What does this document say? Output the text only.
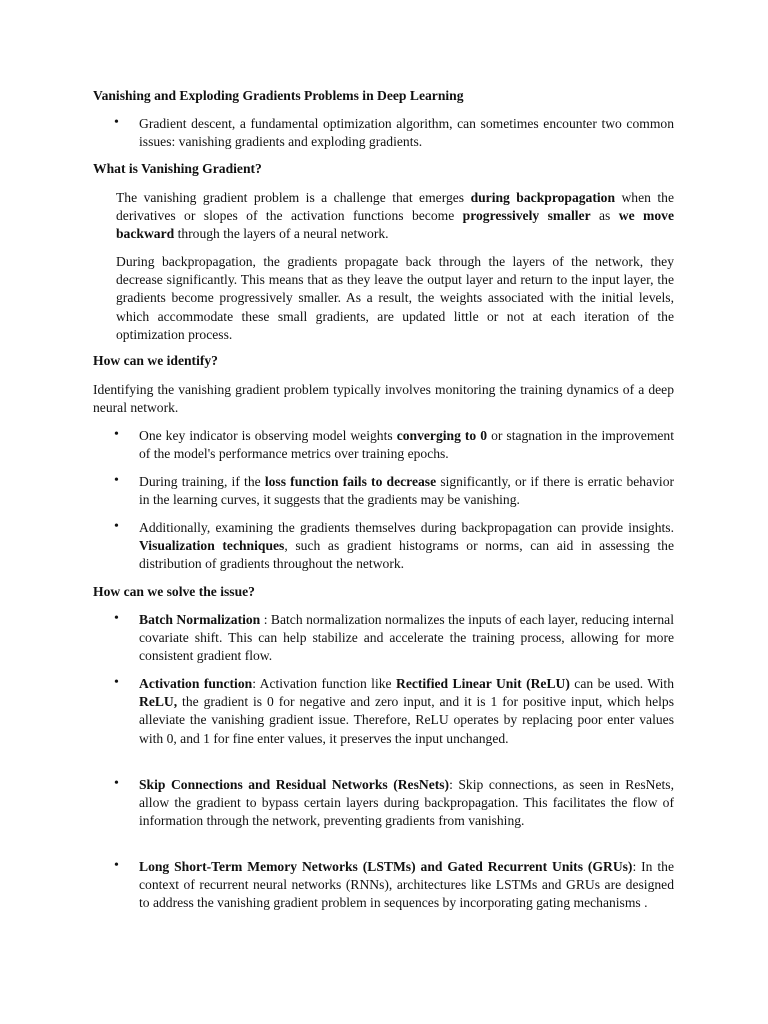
Vanishing and Exploding Gradients Problems in Deep Learning

•	Gradient descent, a fundamental optimization algorithm, can sometimes encounter two common issues: vanishing gradients and exploding gradients.

What is Vanishing Gradient?

The vanishing gradient problem is a challenge that emerges during backpropagation when the derivatives or slopes of the activation functions become progressively smaller as we move backward through the layers of a neural network.

During backpropagation, the gradients propagate back through the layers of the network, they decrease significantly. This means that as they leave the output layer and return to the input layer, the gradients become progressively smaller. As a result, the weights associated with the initial levels, which accommodate these small gradients, are updated little or not at each iteration of the optimization process.

How can we identify?

Identifying the vanishing gradient problem typically involves monitoring the training dynamics of a deep neural network.

•	One key indicator is observing model weights converging to 0 or stagnation in the improvement of the model's performance metrics over training epochs.

•	During training, if the loss function fails to decrease significantly, or if there is erratic behavior in the learning curves, it suggests that the gradients may be vanishing.

•	Additionally, examining the gradients themselves during backpropagation can provide insights. Visualization techniques, such as gradient histograms or norms, can aid in assessing the distribution of gradients throughout the network.

How can we solve the issue?

•	Batch Normalization : Batch normalization normalizes the inputs of each layer, reducing internal covariate shift. This can help stabilize and accelerate the training process, allowing for more consistent gradient flow.

•	Activation function: Activation function like Rectified Linear Unit (ReLU) can be used. With ReLU, the gradient is 0 for negative and zero input, and it is 1 for positive input, which helps alleviate the vanishing gradient issue. Therefore, ReLU operates by replacing poor enter values with 0, and 1 for fine enter values, it preserves the input unchanged.

•	Skip Connections and Residual Networks (ResNets): Skip connections, as seen in ResNets, allow the gradient to bypass certain layers during backpropagation. This facilitates the flow of information through the network, preventing gradients from vanishing.

•	Long Short-Term Memory Networks (LSTMs) and Gated Recurrent Units (GRUs): In the context of recurrent neural networks (RNNs), architectures like LSTMs and GRUs are designed to address the vanishing gradient problem in sequences by incorporating gating mechanisms .
